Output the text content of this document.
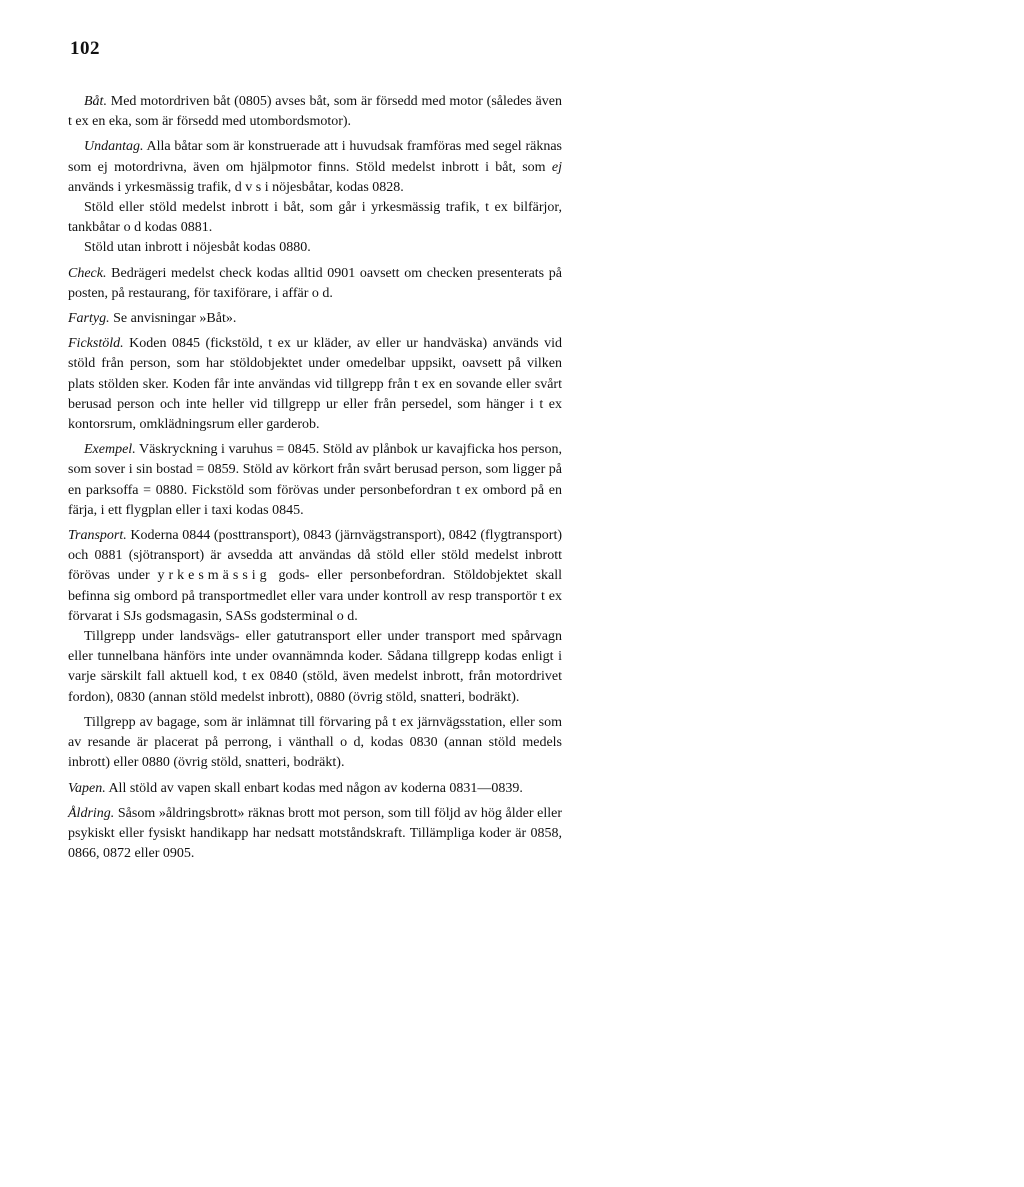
102

Båt. Med motordriven båt (0805) avses båt, som är försedd med motor (således även t ex en eka, som är försedd med utombordsmotor).

Undantag. Alla båtar som är konstruerade att i huvudsak framföras med segel räknas som ej motordrivna, även om hjälpmotor finns. Stöld medelst inbrott i båt, som ej används i yrkesmässig trafik, d v s i nöjesbåtar, kodas 0828.

Stöld eller stöld medelst inbrott i båt, som går i yrkesmässig trafik, t ex bilfärjor, tankbåtar o d kodas 0881.

Stöld utan inbrott i nöjesbåt kodas 0880.

Check. Bedrägeri medelst check kodas alltid 0901 oavsett om checken presenterats på posten, på restaurang, för taxiförare, i affär o d.

Fartyg. Se anvisningar »Båt».

Fickstöld. Koden 0845 (fickstöld, t ex ur kläder, av eller ur handväska) används vid stöld från person, som har stöldobjektet under omedelbar uppsikt, oavsett på vilken plats stölden sker. Koden får inte användas vid tillgrepp från t ex en sovande eller svårt berusad person och inte heller vid tillgrepp ur eller från persedel, som hänger i t ex kontorsrum, omklädningsrum eller garderob.

Exempel. Väskryckning i varuhus = 0845. Stöld av plånbok ur kavajficka hos person, som sover i sin bostad = 0859. Stöld av körkort från svårt berusad person, som ligger på en parksoffa = 0880. Fickstöld som förövas under personbefordran t ex ombord på en färja, i ett flygplan eller i taxi kodas 0845.

Transport. Koderna 0844 (posttransport), 0843 (järnvägstransport), 0842 (flygtransport) och 0881 (sjötransport) är avsedda att användas då stöld eller stöld medelst inbrott förövas under yrkesmässig gods- eller personbefordran. Stöldobjektet skall befinna sig ombord på transportmedlet eller vara under kontroll av resp transportör t ex förvarat i SJs godsmagasin, SASs godsterminal o d.

Tillgrepp under landsvägs- eller gatutransport eller under transport med spårvagn eller tunnelbana hänförs inte under ovannämnda koder. Sådana tillgrepp kodas enligt i varje särskilt fall aktuell kod, t ex 0840 (stöld, även medelst inbrott, från motordrivet fordon), 0830 (annan stöld medelst inbrott), 0880 (övrig stöld, snatteri, bodräkt).

Tillgrepp av bagage, som är inlämnat till förvaring på t ex järnvägsstation, eller som av resande är placerat på perrong, i vänthall o d, kodas 0830 (annan stöld medels inbrott) eller 0880 (övrig stöld, snatteri, bodräkt).

Vapen. All stöld av vapen skall enbart kodas med någon av koderna 0831—0839.

Åldring. Såsom »åldringsbrott» räknas brott mot person, som till följd av hög ålder eller psykiskt eller fysiskt handikapp har nedsatt motståndskraft. Tillämpliga koder är 0858, 0866, 0872 eller 0905.
